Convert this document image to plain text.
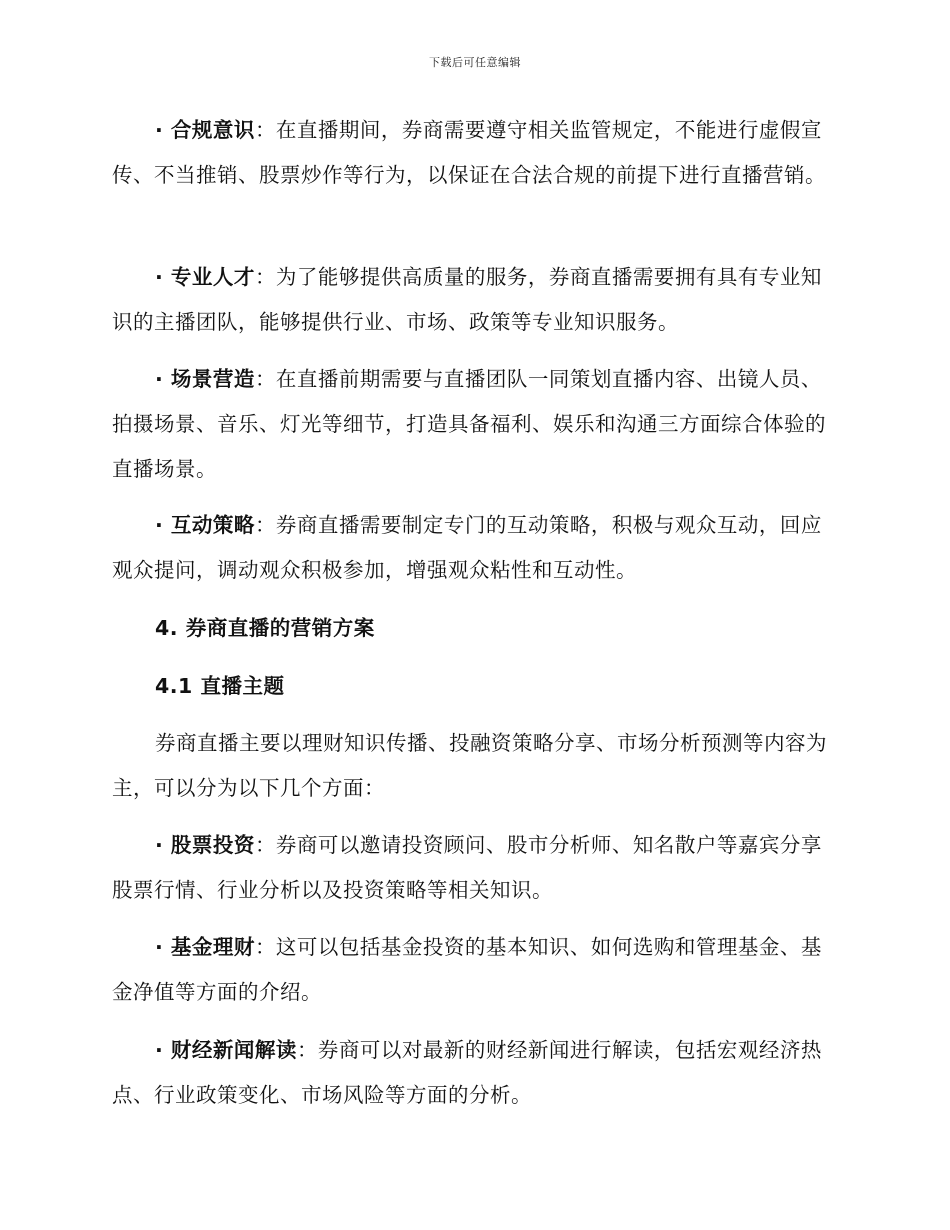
下载后可任意编辑

· 合规意识：在直播期间，券商需要遵守相关监管规定，不能进行虚假宣传、不当推销、股票炒作等行为，以保证在合法合规的前提下进行直播营销。

· 专业人才：为了能够提供高质量的服务，券商直播需要拥有具有专业知识的主播团队，能够提供行业、市场、政策等专业知识服务。

· 场景营造：在直播前期需要与直播团队一同策划直播内容、出镜人员、拍摄场景、音乐、灯光等细节，打造具备福利、娱乐和沟通三方面综合体验的直播场景。

· 互动策略：券商直播需要制定专门的互动策略，积极与观众互动，回应观众提问，调动观众积极参加，增强观众粘性和互动性。

4. 券商直播的营销方案
4.1 直播主题

券商直播主要以理财知识传播、投融资策略分享、市场分析预测等内容为主，可以分为以下几个方面：

· 股票投资：券商可以邀请投资顾问、股市分析师、知名散户等嘉宾分享股票行情、行业分析以及投资策略等相关知识。

· 基金理财：这可以包括基金投资的基本知识、如何选购和管理基金、基金净值等方面的介绍。

· 财经新闻解读：券商可以对最新的财经新闻进行解读，包括宏观经济热点、行业政策变化、市场风险等方面的分析。
